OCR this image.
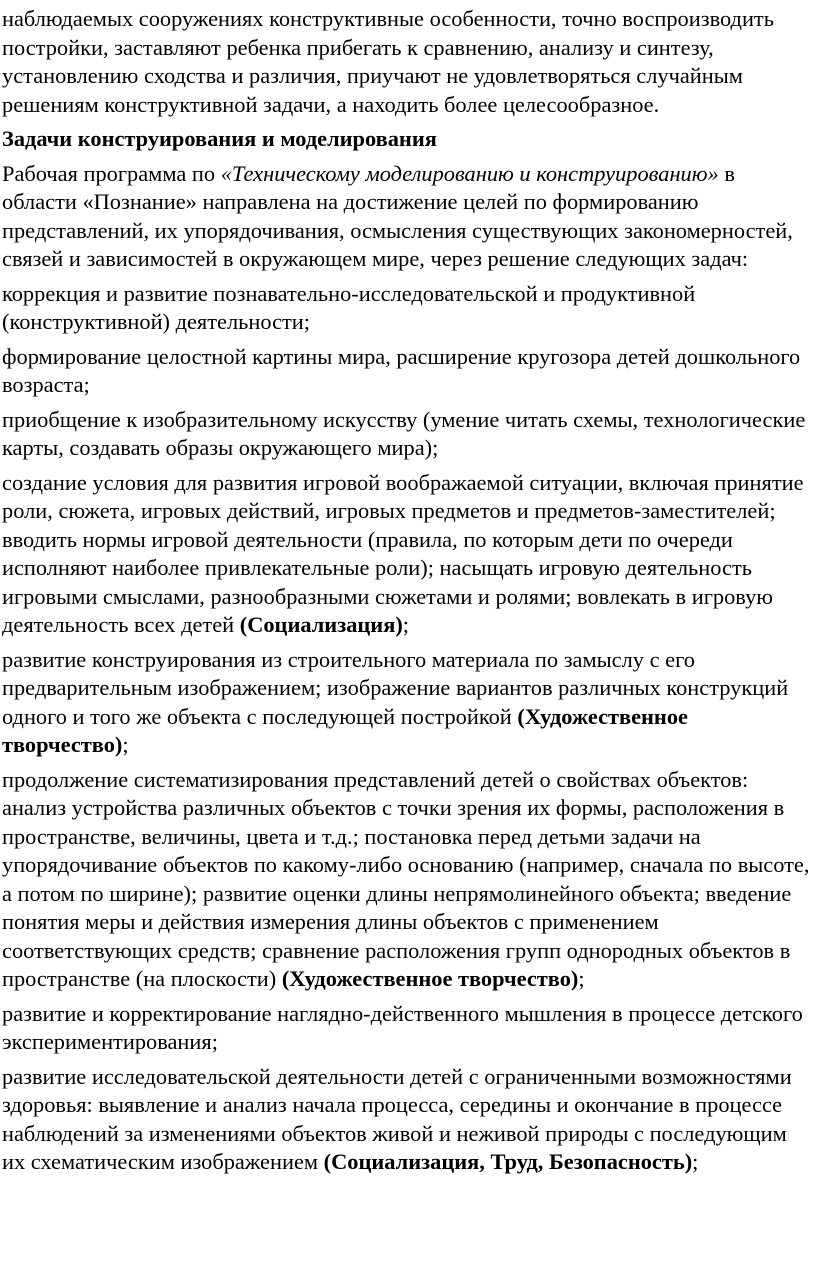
наблюдаемых сооружениях конструктивные особенности, точно воспроизводить постройки, заставляют ребенка прибегать к сравнению, анализу и синтезу, установлению сходства и различия, приучают не удовлетворяться случайным решениям конструктивной задачи, а находить более целесообразное.

Задачи конструирования и моделирования

Рабочая программа по «Техническому моделированию и конструированию» в области «Познание» направлена на достижение целей по формированию представлений, их упорядочивания, осмысления существующих закономерностей, связей и зависимостей в окружающем мире, через решение следующих задач:

коррекция и развитие познавательно-исследовательской и продуктивной (конструктивной) деятельности;

формирование целостной картины мира, расширение кругозора детей дошкольного возраста;

приобщение к изобразительному искусству (умение читать схемы, технологические карты, создавать образы окружающего мира);

создание условия для развития игровой воображаемой ситуации, включая принятие роли, сюжета, игровых действий, игровых предметов и предметов-заместителей; вводить нормы игровой деятельности (правила, по которым дети по очереди исполняют наиболее привлекательные роли); насыщать игровую деятельность игровыми смыслами, разнообразными сюжетами и ролями; вовлекать в игровую деятельность всех детей (Социализация);

развитие конструирования из строительного материала по замыслу с его предварительным изображением; изображение вариантов различных конструкций одного и того же объекта с последующей постройкой (Художественное творчество);

продолжение систематизирования представлений детей о свойствах объектов: анализ устройства различных объектов с точки зрения их формы, расположения в пространстве, величины, цвета и т.д.; постановка перед детьми задачи на упорядочивание объектов по какому-либо основанию (например, сначала по высоте, а потом по ширине); развитие оценки длины непрямолинейного объекта; введение понятия меры и действия измерения длины объектов с применением соответствующих средств; сравнение расположения групп однородных объектов в пространстве (на плоскости) (Художественное творчество);

развитие и корректирование наглядно-действенного мышления в процессе детского экспериментирования;

развитие исследовательской деятельности детей с ограниченными возможностями здоровья: выявление и анализ начала процесса, середины и окончание в процессе наблюдений за изменениями объектов живой и неживой природы с последующим их схематическим изображением (Социализация, Труд, Безопасность);
